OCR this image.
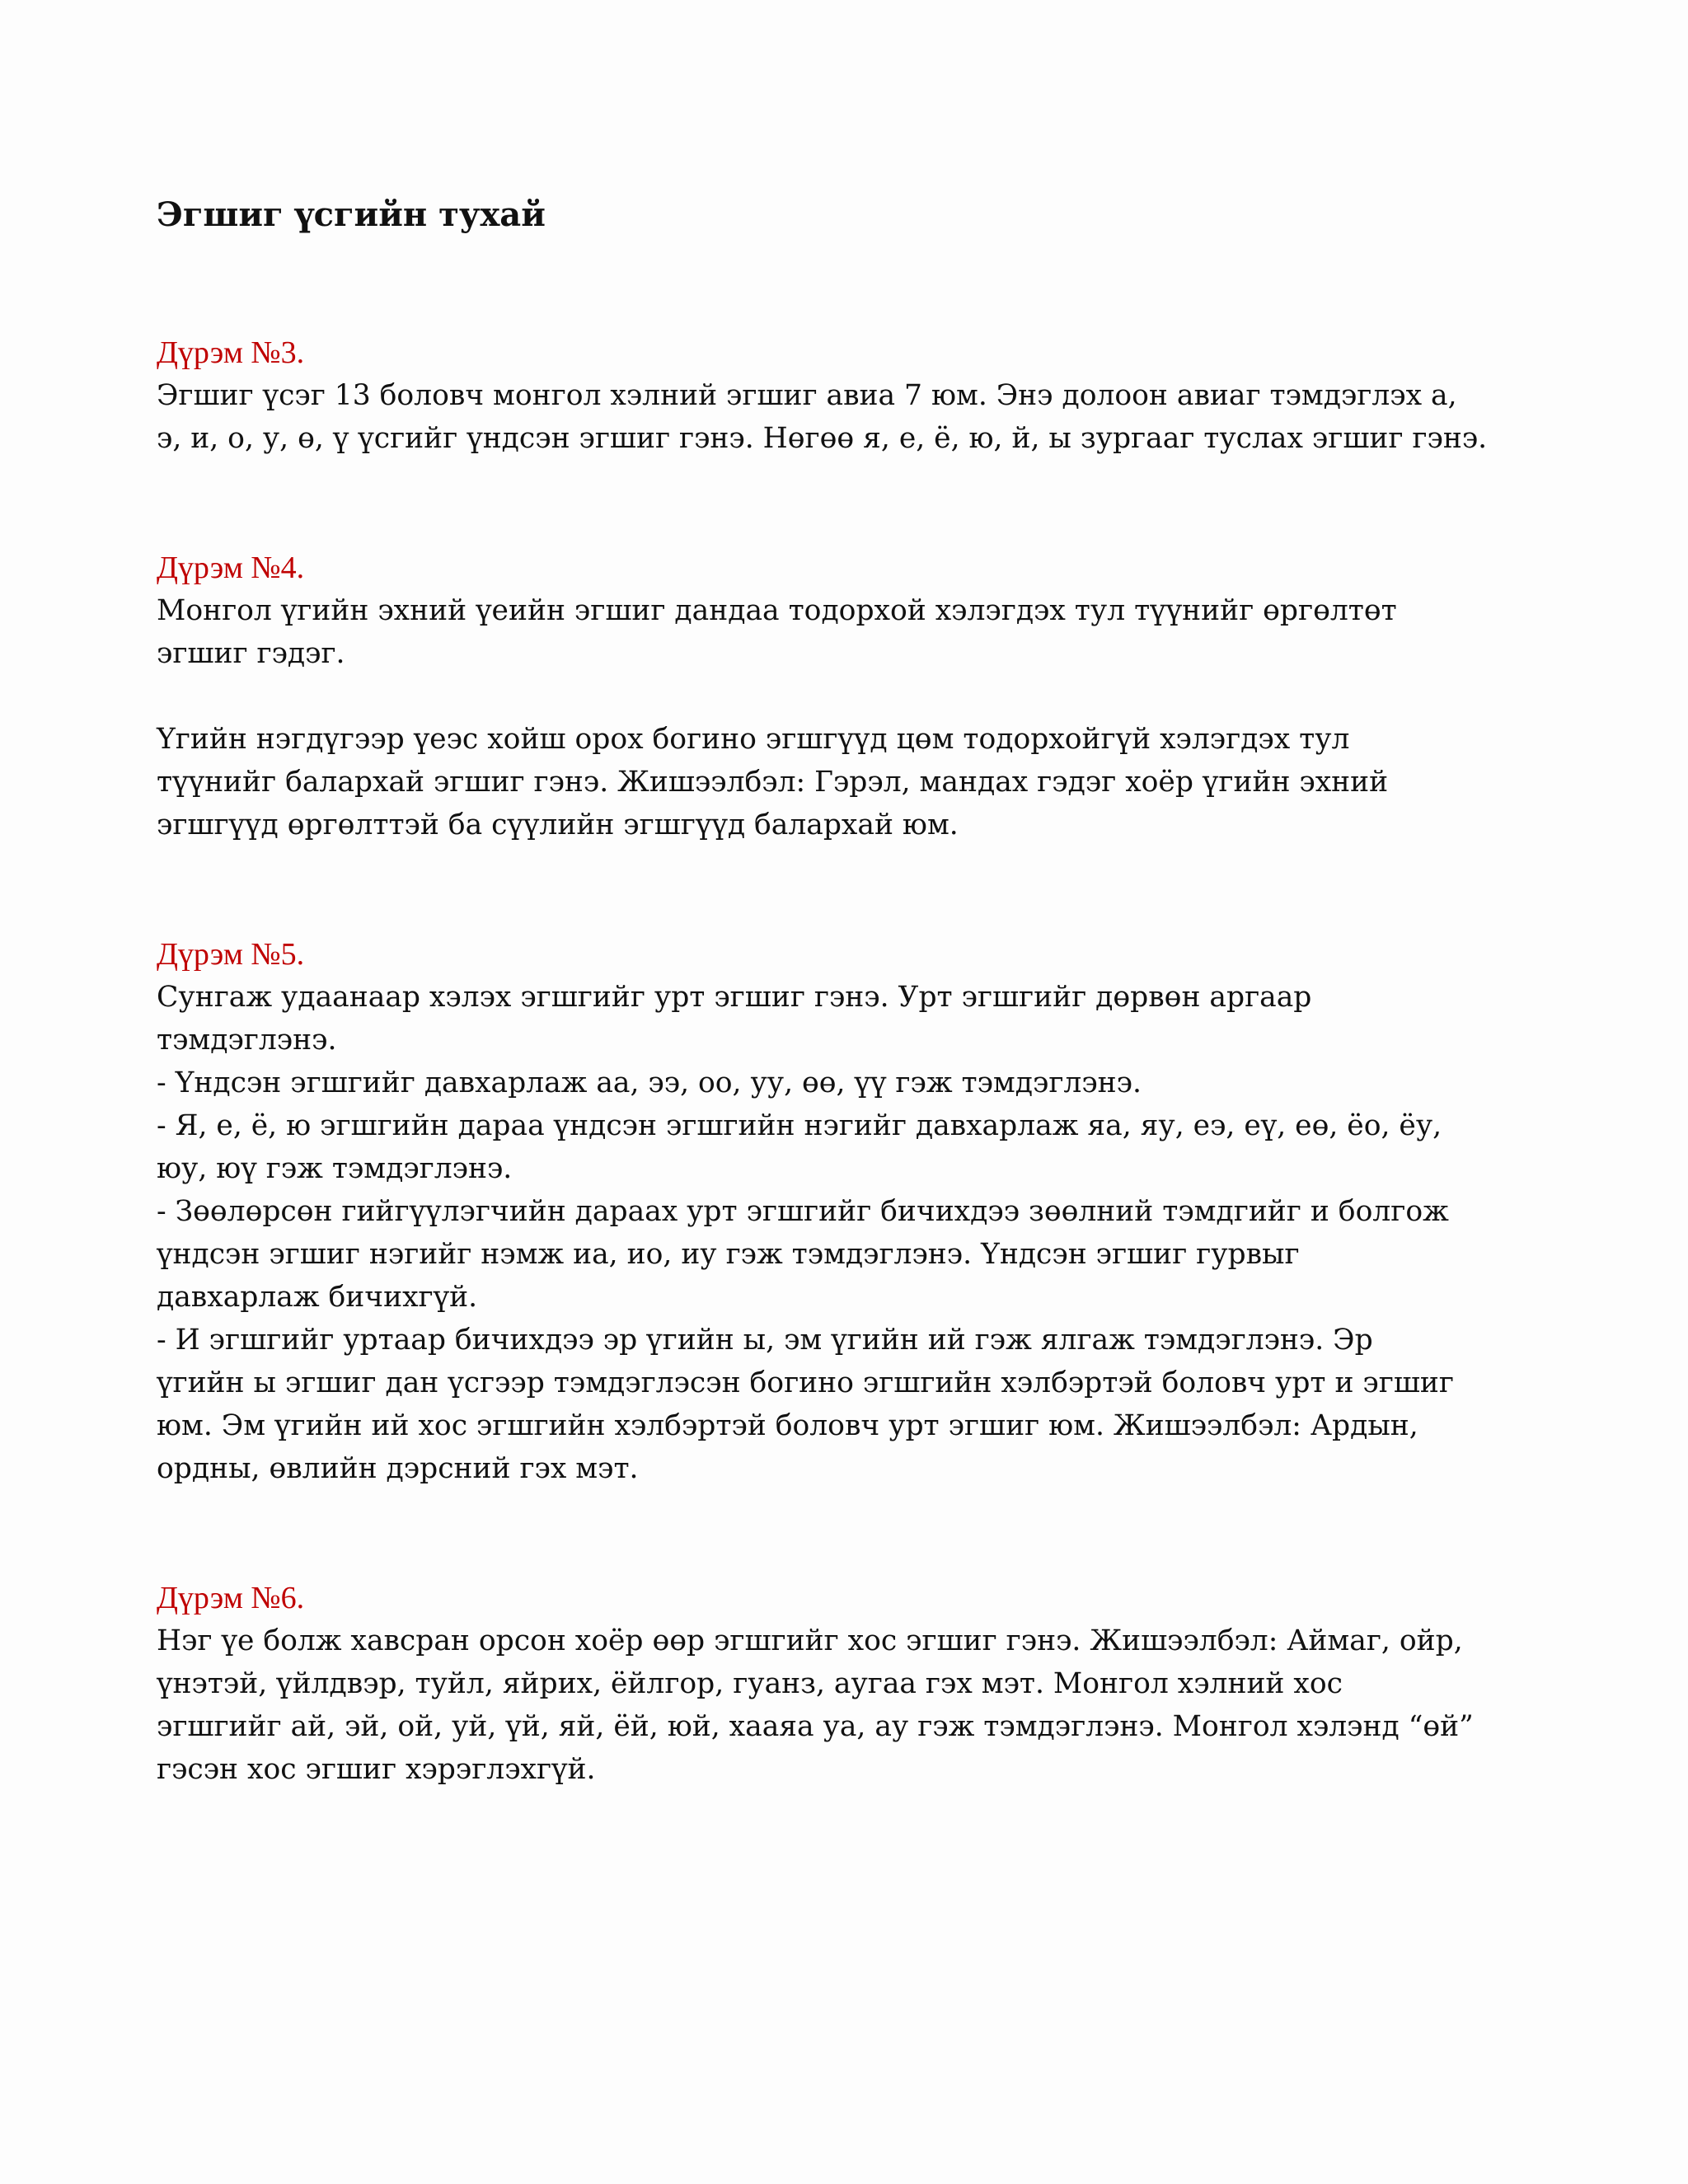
Эгшиг үсгийн тухай
Дүрэм №3.

Эгшиг үсэг 13 боловч монгол хэлний эгшиг авиа 7 юм. Энэ долоон авиаг тэмдэглэх а,
э, и, о, у, ө, ү үсгийг үндсэн эгшиг гэнэ. Нөгөө я, е, ё, ю, й, ы зургааг туслах эгшиг гэнэ.

Дүрэм №4.

Монгол үгийн эхний үеийн эгшиг дандаа тодорхой хэлэгдэх тул түүнийг өргөлтөт
эгшиг гэдэг.

Үгийн нэгдүгээр үеэс хойш орох богино эгшгүүд цөм тодорхойгүй хэлэгдэх тул
түүнийг балархай эгшиг гэнэ. Жишээлбэл: Гэрэл, мандах гэдэг хоёр үгийн эхний
эгшгүүд өргөлттэй ба сүүлийн эгшгүүд балархай юм.

Дүрэм №5.

Сунгаж удаанаар хэлэх эгшгийг урт эгшиг гэнэ. Урт эгшгийг дөрвөн аргаар
тэмдэглэнэ.
- Үндсэн эгшгийг давхарлаж аа, ээ, оо, уу, өө, үү гэж тэмдэглэнэ.
- Я, е, ё, ю эгшгийн дараа үндсэн эгшгийн нэгийг давхарлаж яа, яу, еэ, еү, еө, ёо, ёу,
юу, юү гэж тэмдэглэнэ.
- Зөөлөрсөн гийгүүлэгчийн дараах урт эгшгийг бичихдээ зөөлний тэмдгийг и болгож
үндсэн эгшиг нэгийг нэмж иа, ио, иу гэж тэмдэглэнэ. Үндсэн эгшиг гурвыг
давхарлаж бичихгүй.
- И эгшгийг уртаар бичихдээ эр үгийн ы, эм үгийн ий гэж ялгаж тэмдэглэнэ. Эр
үгийн ы эгшиг дан үсгээр тэмдэглэсэн богино эгшгийн хэлбэртэй боловч урт и эгшиг
юм. Эм үгийн ий хос эгшгийн хэлбэртэй боловч урт эгшиг юм. Жишээлбэл: Ардын,
ордны, өвлийн дэрсний гэх мэт.

Дүрэм №6.

Нэг үе болж хавсран орсон хоёр өөр эгшгийг хос эгшиг гэнэ. Жишээлбэл: Аймаг, ойр,
үнэтэй, үйлдвэр, туйл, яйрих, ёйлгор, гуанз, аугаа гэх мэт. Монгол хэлний хос
эгшгийг ай, эй, ой, уй, үй, яй, ёй, юй, хааяа уа, ау гэж тэмдэглэнэ. Монгол хэлэнд “өй”
гэсэн хос эгшиг хэрэглэхгүй.
